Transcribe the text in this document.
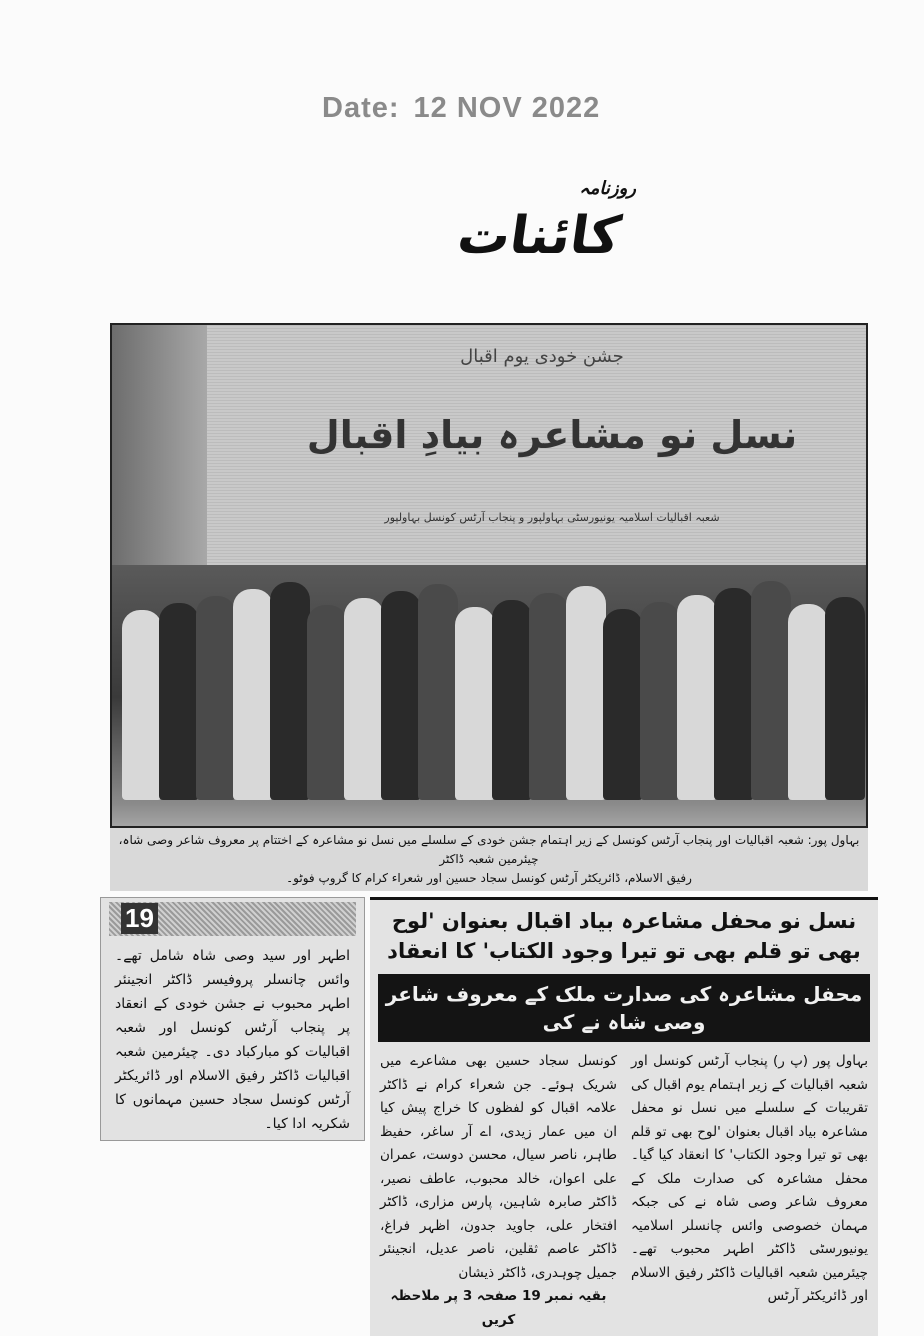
Date: 12 NOV 2022
روزنامہ
کائنات
جشن خودی یوم اقبال
نسل نو مشاعرہ بیادِ اقبال
شعبہ اقبالیات اسلامیہ یونیورسٹی بہاولپور و پنجاب آرٹس کونسل بہاولپور
بہاول پور: شعبہ اقبالیات اور پنجاب آرٹس کونسل کے زیر اہتمام جشن خودی کے سلسلے میں نسل نو مشاعرہ کے اختتام پر معروف شاعر وصی شاہ، چیئرمین شعبہ ڈاکٹر
رفیق الاسلام، ڈائریکٹر آرٹس کونسل سجاد حسین اور شعراء کرام کا گروپ فوٹو۔
19
اطہر اور سید وصی شاہ شامل تھے۔ وائس چانسلر پروفیسر ڈاکٹر انجینئر اطہر محبوب نے جشن خودی کے انعقاد پر پنجاب آرٹس کونسل اور شعبہ اقبالیات کو مبارکباد دی۔ چیئرمین شعبہ اقبالیات ڈاکٹر رفیق الاسلام اور ڈائریکٹر آرٹس کونسل سجاد حسین مہمانوں کا شکریہ ادا کیا۔
نسل نو محفل مشاعرہ بیاد اقبال بعنوان 'لوح بھی تو قلم بھی تو تیرا وجود الکتاب' کا انعقاد
محفل مشاعرہ کی صدارت ملک کے معروف شاعر وصی شاہ نے کی
بہاول پور (پ ر) پنجاب آرٹس کونسل اور شعبہ اقبالیات کے زیر اہتمام یوم اقبال کی تقریبات کے سلسلے میں نسل نو محفل مشاعرہ بیاد اقبال بعنوان 'لوح بھی تو قلم بھی تو تیرا وجود الکتاب' کا انعقاد کیا گیا۔ محفل مشاعرہ کی صدارت ملک کے معروف شاعر وصی شاہ نے کی جبکہ مہمان خصوصی وائس چانسلر اسلامیہ یونیورسٹی ڈاکٹر اطہر محبوب تھے۔ چیئرمین شعبہ اقبالیات ڈاکٹر رفیق الاسلام اور ڈائریکٹر آرٹس
کونسل سجاد حسین بھی مشاعرے میں شریک ہوئے۔ جن شعراء کرام نے ڈاکٹر علامہ اقبال کو لفظوں کا خراج پیش کیا ان میں عمار زیدی، اے آر ساغر، حفیظ طاہر، ناصر سیال، محسن دوست، عمران علی اعوان، خالد محبوب، عاطف نصیر، ڈاکٹر صابرہ شاہین، پارس مزاری، ڈاکٹر افتخار علی، جاوید جدون، اظہر فراغ، ڈاکٹر عاصم ثقلین، ناصر عدیل، انجینئر جمیل چوہدری، ڈاکٹر ذیشان
بقیہ نمبر 19 صفحہ 3 پر ملاحظہ کریں
